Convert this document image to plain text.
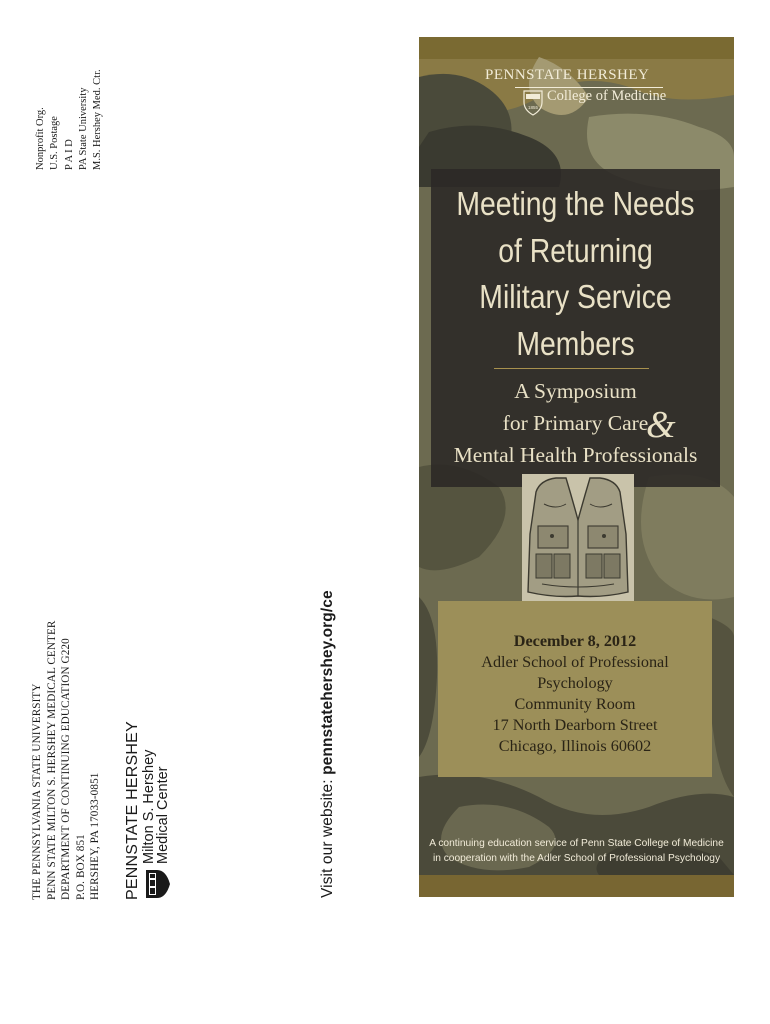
Nonprofit Org. U.S. Postage P A I D PA State University M.S. Hershey Med. Ctr.
THE PENNSYLVANIA STATE UNIVERSITY PENN STATE MILTON S. HERSHEY MEDICAL CENTER DEPARTMENT OF CONTINUING EDUCATION G220 P.O. BOX 851 HERSHEY, PA 17033-0851 PENNSTATE HERSHEY Milton S. Hershey
Medical Center	Visit our website: pennstatehershey.org/ce
PENNSTATE HERSHEY
1855
College of Medicine
Meeting the Needs
of Returning
Military Service
Members
A Symposium
for Primary Care
Mental Health Professionals
&
December 8, 2012
Adler School of Professional
Psychology
Community Room
17 North Dearborn Street
Chicago, Illinois 60602
A continuing education service of Penn State College of Medicine
in cooperation with the Adler School of Professional Psychology
